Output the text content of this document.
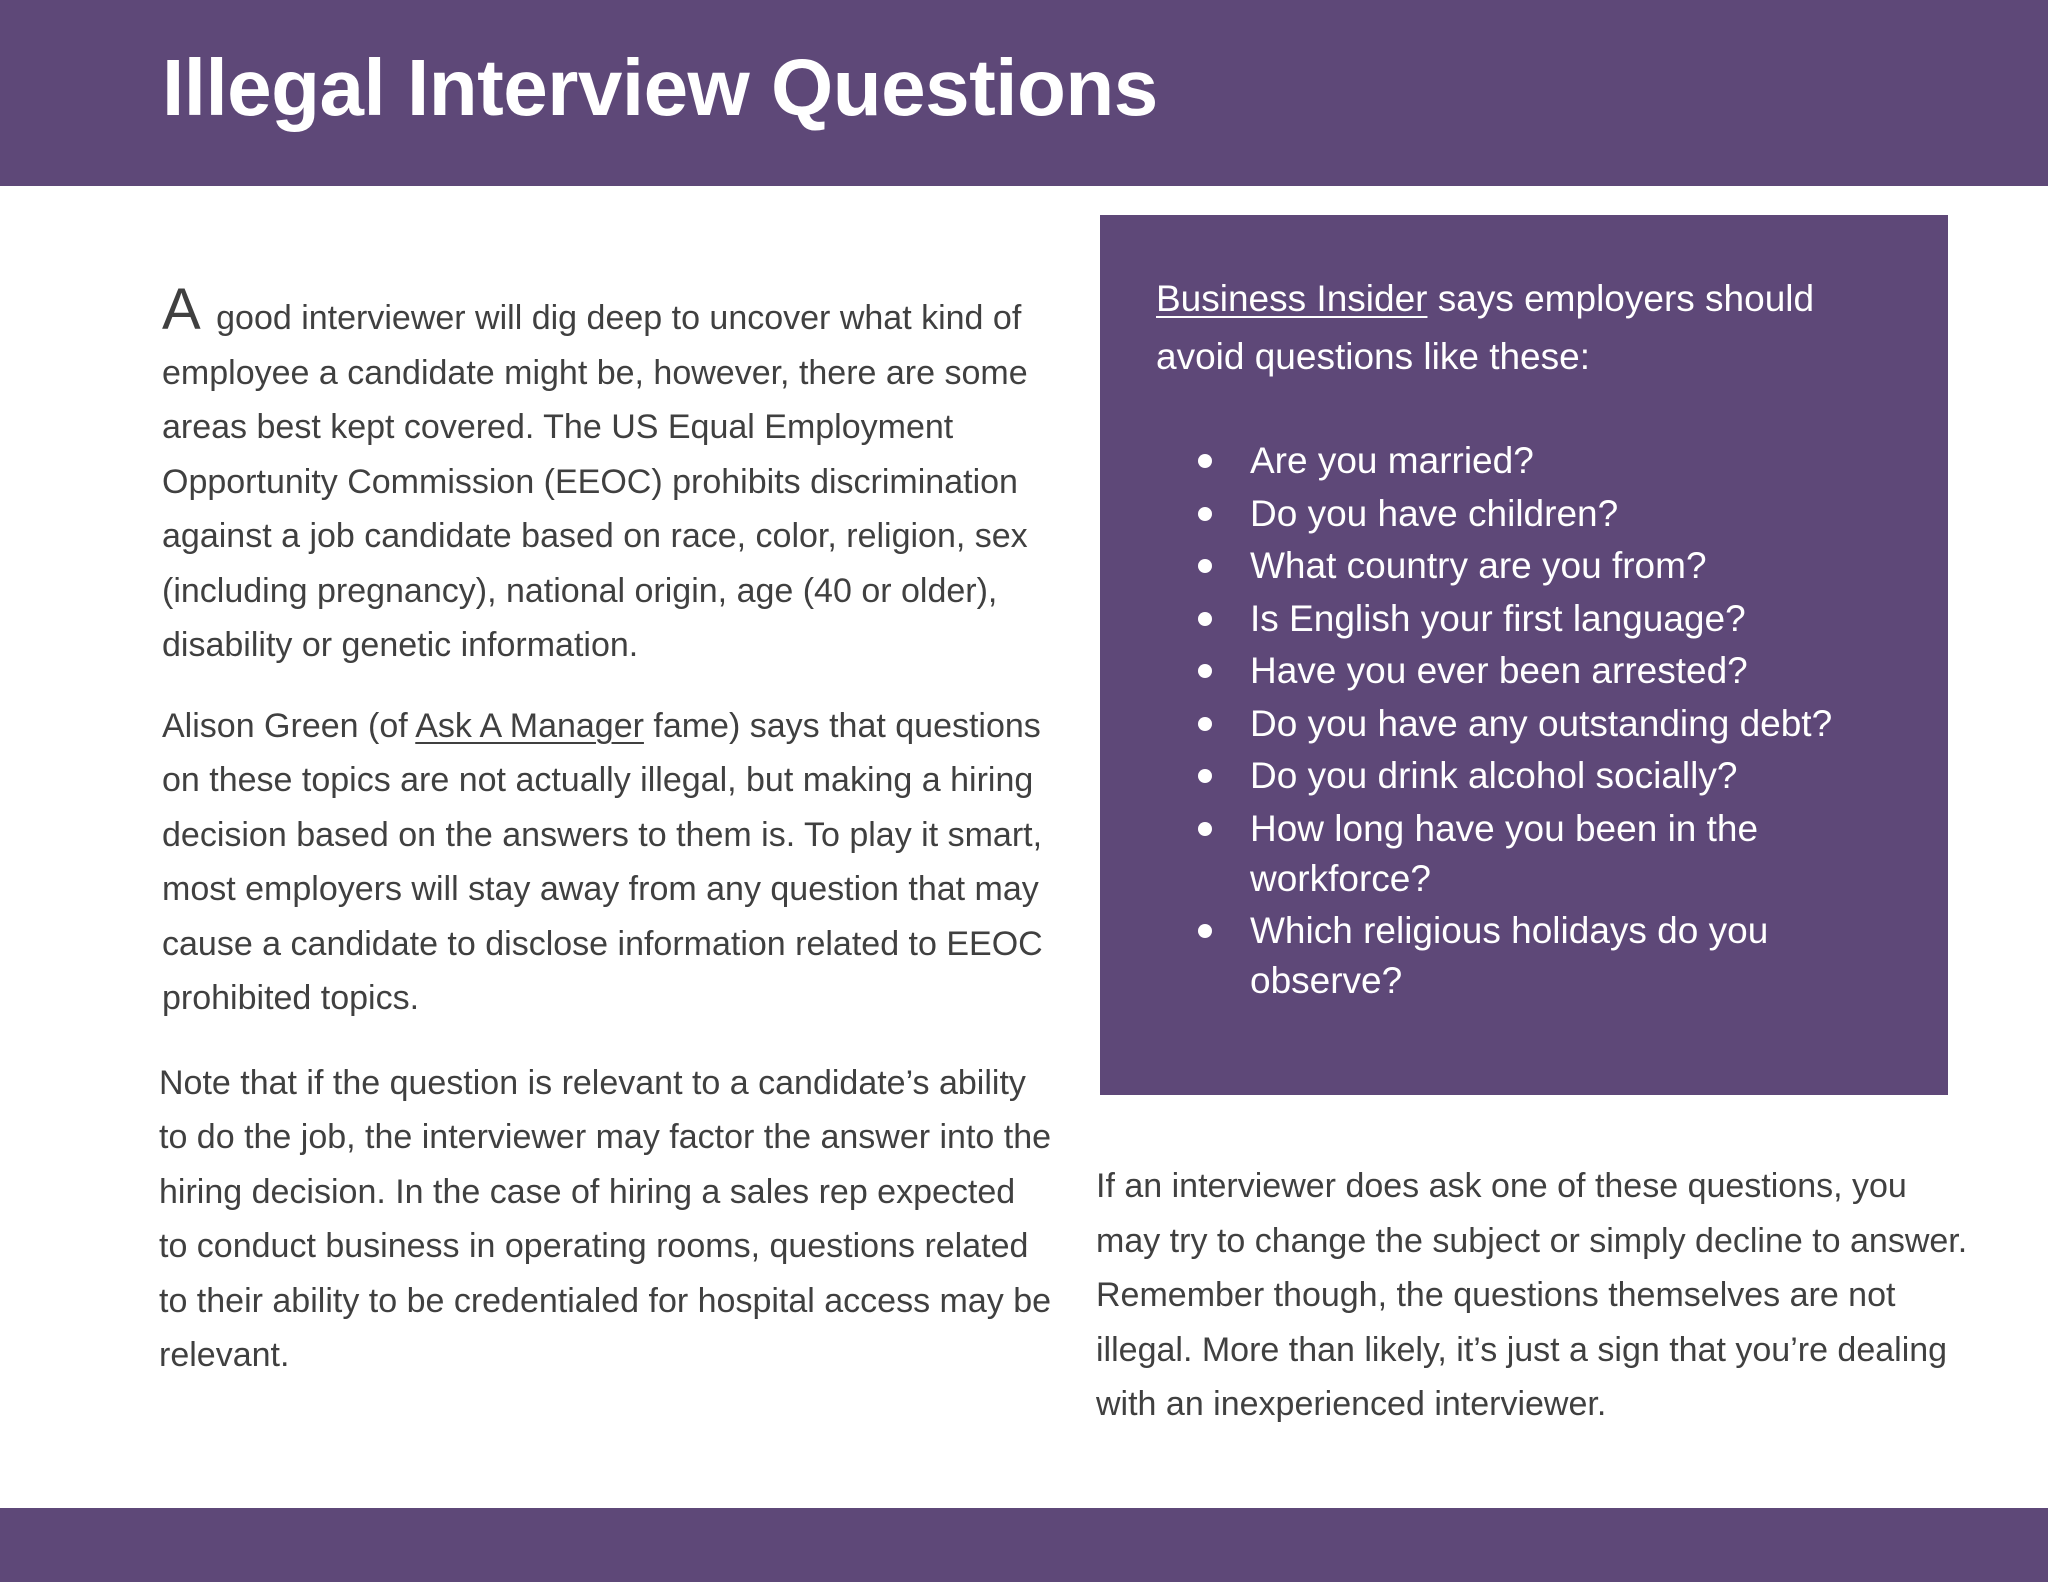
Illegal Interview Questions

A good interviewer will dig deep to uncover what kind of employee a candidate might be, however, there are some areas best kept covered. The US Equal Employment Opportunity Commission (EEOC) prohibits discrimination against a job candidate based on race, color, religion, sex (including pregnancy), national origin, age (40 or older), disability or genetic information.

Alison Green (of Ask A Manager fame) says that questions on these topics are not actually illegal, but making a hiring decision based on the answers to them is. To play it smart, most employers will stay away from any question that may cause a candidate to disclose information related to EEOC prohibited topics.

Note that if the question is relevant to a candidate’s ability to do the job, the interviewer may factor the answer into the hiring decision. In the case of hiring a sales rep expected to conduct business in operating rooms, questions related to their ability to be credentialed for hospital access may be relevant.

Business Insider says employers should avoid questions like these:

Are you married?
Do you have children?
What country are you from?
Is English your first language?
Have you ever been arrested?
Do you have any outstanding debt?
Do you drink alcohol socially?
How long have you been in the workforce?
Which religious holidays do you observe?

If an interviewer does ask one of these questions, you may try to change the subject or simply decline to answer. Remember though, the questions themselves are not illegal. More than likely, it’s just a sign that you’re dealing with an inexperienced interviewer.
